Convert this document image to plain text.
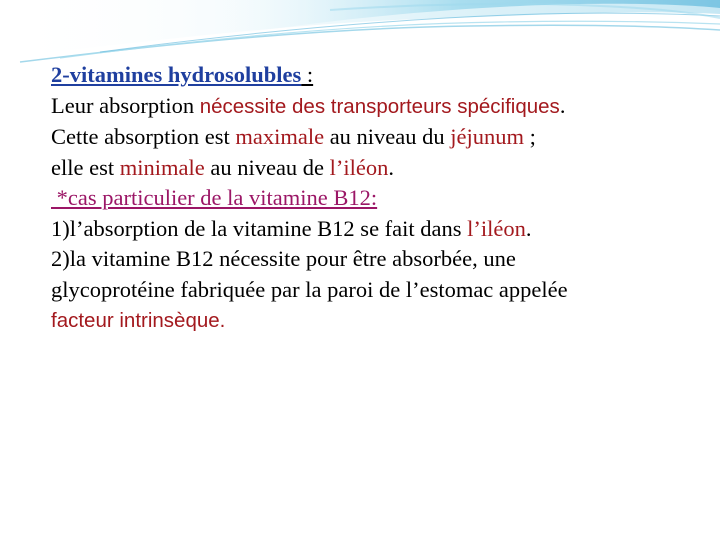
2-vitamines hydrosolubles :
Leur absorption nécessite des transporteurs spécifiques.
Cette absorption est maximale au niveau du jéjunum ;
elle est minimale au niveau de l’iléon.
*cas particulier de la vitamine B12:
1)l’absorption de la vitamine B12 se fait dans l’iléon.
2)la vitamine B12 nécessite pour être absorbée, une
glycoprotéine fabriquée par la paroi de l’estomac appelée
facteur intrinsèque.
